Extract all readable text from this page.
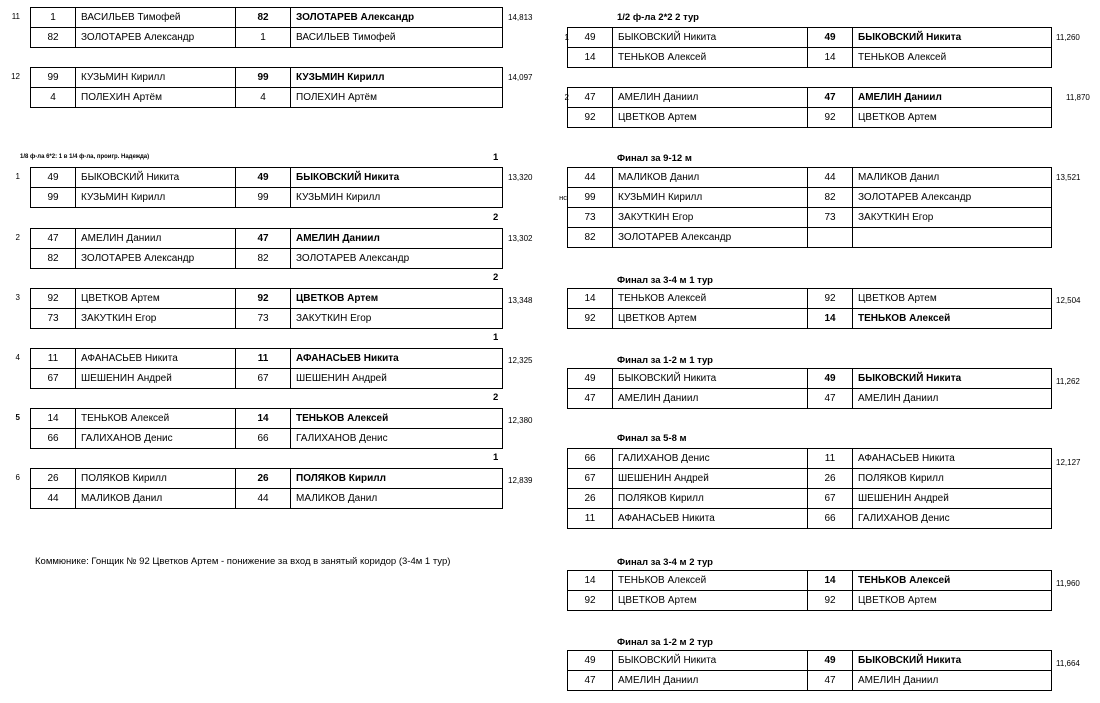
11	1	ВАСИЛЬЕВ Тимофей	82	ЗОЛОТАРЕВ Александр
82	ЗОЛОТАРЕВ Александр	1	ВАСИЛЬЕВ Тимофей
14,813
12	99	КУЗЬМИН Кирилл	99	КУЗЬМИН Кирилл
4	ПОЛЕХИН Артём	4	ПОЛЕХИН Артём
14,097
1/8 ф-ла 6*2: 1 в 1/4 ф-ла, проигр. Надежда)	1
1	49	БЫКОВСКИЙ Никита	49	БЫКОВСКИЙ Никита
99	КУЗЬМИН Кирилл	99	КУЗЬМИН Кирилл
13,320
2
2	47	АМЕЛИН Даниил	47	АМЕЛИН Даниил
82	ЗОЛОТАРЕВ Александр	82	ЗОЛОТАРЕВ Александр
13,302
2
3	92	ЦВЕТКОВ Артем	92	ЦВЕТКОВ Артем
73	ЗАКУТКИН Егор	73	ЗАКУТКИН Егор
13,348
1
4	11	АФАНАСЬЕВ Никита	11	АФАНАСЬЕВ Никита
67	ШЕШЕНИН Андрей	67	ШЕШЕНИН Андрей
12,325
2
5	14	ТЕНЬКОВ Алексей	14	ТЕНЬКОВ Алексей
66	ГАЛИХАНОВ Денис	66	ГАЛИХАНОВ Денис
12,380
1
6	26	ПОЛЯКОВ Кирилл	26	ПОЛЯКОВ Кирилл
44	МАЛИКОВ Данил	44	МАЛИКОВ Данил
12,839
Коммюнике: Гонщик № 92 Цветков Артем - понижение за вход в занятый коридор (3-4м 1 тур)
1/2 ф-ла 2*2 2 тур
1	49	БЫКОВСКИЙ Никита	49	БЫКОВСКИЙ Никита
14	ТЕНЬКОВ Алексей	14	ТЕНЬКОВ Алексей
11,260
2	47	АМЕЛИН Даниил	47	АМЕЛИН Даниил
92	ЦВЕТКОВ Артем	92	ЦВЕТКОВ Артем
11,870
Финал за 9-12 м
44	МАЛИКОВ Данил	44	МАЛИКОВ Данил
99	КУЗЬМИН Кирилл	82	ЗОЛОТАРЕВ Александр
73	ЗАКУТКИН Егор	73	ЗАКУТКИН Егор
82	ЗОЛОТАРЕВ Александр
нс
13,521
Финал за 3-4 м 1 тур
14	ТЕНЬКОВ Алексей	92	ЦВЕТКОВ Артем
92	ЦВЕТКОВ Артем	14	ТЕНЬКОВ Алексей
12,504
Финал за 1-2 м 1 тур
49	БЫКОВСКИЙ Никита	49	БЫКОВСКИЙ Никита
47	АМЕЛИН Даниил	47	АМЕЛИН Даниил
11,262
Финал за 5-8 м
66	ГАЛИХАНОВ Денис	11	АФАНАСЬЕВ Никита
67	ШЕШЕНИН Андрей	26	ПОЛЯКОВ Кирилл
26	ПОЛЯКОВ Кирилл	67	ШЕШЕНИН Андрей
11	АФАНАСЬЕВ Никита	66	ГАЛИХАНОВ Денис
12,127
Финал за 3-4 м 2 тур
14	ТЕНЬКОВ Алексей	14	ТЕНЬКОВ Алексей
92	ЦВЕТКОВ Артем	92	ЦВЕТКОВ Артем
11,960
Финал за 1-2 м 2 тур
49	БЫКОВСКИЙ Никита	49	БЫКОВСКИЙ Никита
47	АМЕЛИН Даниил	47	АМЕЛИН Даниил
11,664
